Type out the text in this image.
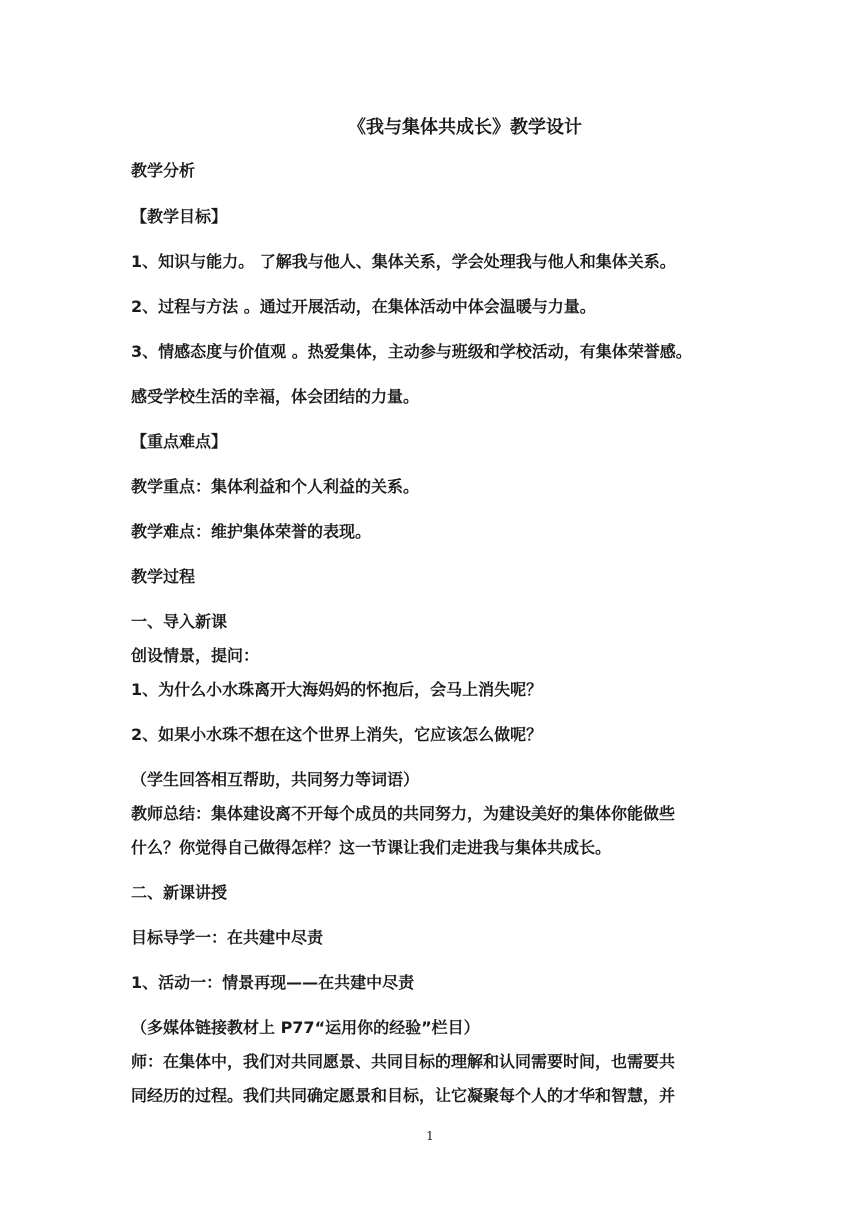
《我与集体共成长》教学设计
教学分析
【教学目标】
1、知识与能力。 了解我与他人、集体关系，学会处理我与他人和集体关系。
2、过程与方法 。通过开展活动，在集体活动中体会温暖与力量。
3、情感态度与价值观 。热爱集体，主动参与班级和学校活动，有集体荣誉感。
感受学校生活的幸福，体会团结的力量。
【重点难点】
教学重点：集体利益和个人利益的关系。
教学难点：维护集体荣誉的表现。
教学过程
一、导入新课
创设情景，提问：
1、为什么小水珠离开大海妈妈的怀抱后，会马上消失呢？
2、如果小水珠不想在这个世界上消失，它应该怎么做呢？
（学生回答相互帮助，共同努力等词语）
教师总结：集体建设离不开每个成员的共同努力，为建设美好的集体你能做些
什么？你觉得自己做得怎样？这一节课让我们走进我与集体共成长。
二、新课讲授
目标导学一：在共建中尽责
1、活动一：情景再现——在共建中尽责
（多媒体链接教材上 P77“运用你的经验”栏目）
师：在集体中，我们对共同愿景、共同目标的理解和认同需要时间，也需要共
同经历的过程。我们共同确定愿景和目标，让它凝聚每个人的才华和智慧，并
1
